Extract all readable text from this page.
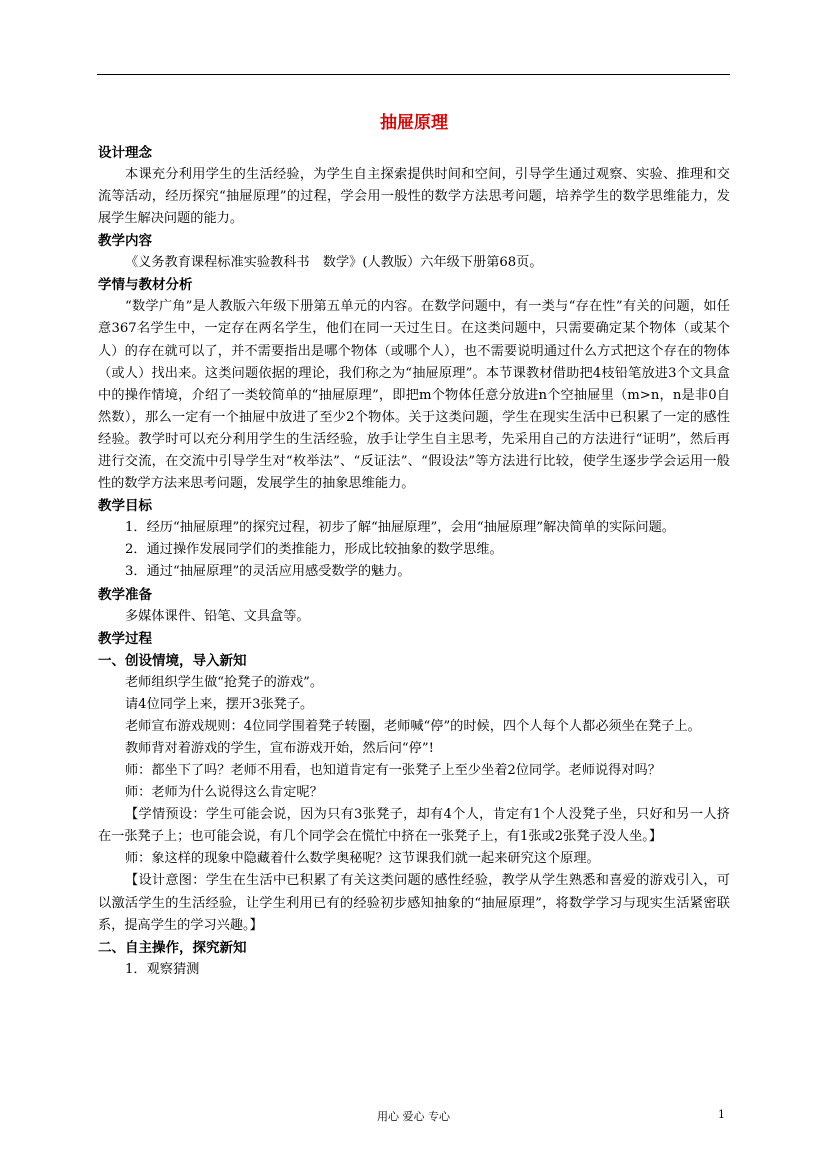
抽屉原理
设计理念
本课充分利用学生的生活经验，为学生自主探索提供时间和空间，引导学生通过观察、实验、推理和交流等活动，经历探究“抽屉原理”的过程，学会用一般性的数学方法思考问题，培养学生的数学思维能力，发展学生解决问题的能力。
教学内容
《义务教育课程标准实验教科书　数学》(人教版）六年级下册第68页。
学情与教材分析
“数学广角”是人教版六年级下册第五单元的内容。在数学问题中，有一类与“存在性”有关的问题，如任意367名学生中，一定存在两名学生，他们在同一天过生日。在这类问题中，只需要确定某个物体（或某个人）的存在就可以了，并不需要指出是哪个物体（或哪个人），也不需要说明通过什么方式把这个存在的物体（或人）找出来。这类问题依据的理论，我们称之为“抽屉原理”。本节课教材借助把4枝铅笔放进3个文具盒中的操作情境，介绍了一类较简单的“抽屉原理”，即把m个物体任意分放进n个空抽屉里（m>n，n是非0自然数），那么一定有一个抽屉中放进了至少2个物体。关于这类问题，学生在现实生活中已积累了一定的感性经验。教学时可以充分利用学生的生活经验，放手让学生自主思考，先采用自己的方法进行“证明”，然后再进行交流，在交流中引导学生对“枚举法”、“反证法”、“假设法”等方法进行比较，使学生逐步学会运用一般性的数学方法来思考问题，发展学生的抽象思维能力。
教学目标
1．经历“抽屉原理”的探究过程，初步了解“抽屉原理”，会用“抽屉原理”解决简单的实际问题。
2．通过操作发展同学们的类推能力，形成比较抽象的数学思维。
3．通过“抽屉原理”的灵活应用感受数学的魅力。
教学准备
多媒体课件、铅笔、文具盒等。
教学过程
一、创设情境，导入新知
老师组织学生做“抢凳子的游戏”。
请4位同学上来，摆开3张凳子。
老师宣布游戏规则：4位同学围着凳子转圈，老师喊“停”的时候，四个人每个人都必须坐在凳子上。
教师背对着游戏的学生，宣布游戏开始，然后问“停”!
师：都坐下了吗？老师不用看，也知道肯定有一张凳子上至少坐着2位同学。老师说得对吗？
师：老师为什么说得这么肯定呢？
【学情预设：学生可能会说，因为只有3张凳子，却有4个人，肯定有1个人没凳子坐，只好和另一人挤在一张凳子上；也可能会说，有几个同学会在慌忙中挤在一张凳子上，有1张或2张凳子没人坐。】
师：象这样的现象中隐藏着什么数学奥秘呢？这节课我们就一起来研究这个原理。
【设计意图：学生在生活中已积累了有关这类问题的感性经验，教学从学生熟悉和喜爱的游戏引入，可以激活学生的生活经验，让学生利用已有的经验初步感知抽象的“抽屉原理”，将数学学习与现实生活紧密联系，提高学生的学习兴趣。】
二、自主操作，探究新知
1．观察猜测
用心 爱心 专心	1
